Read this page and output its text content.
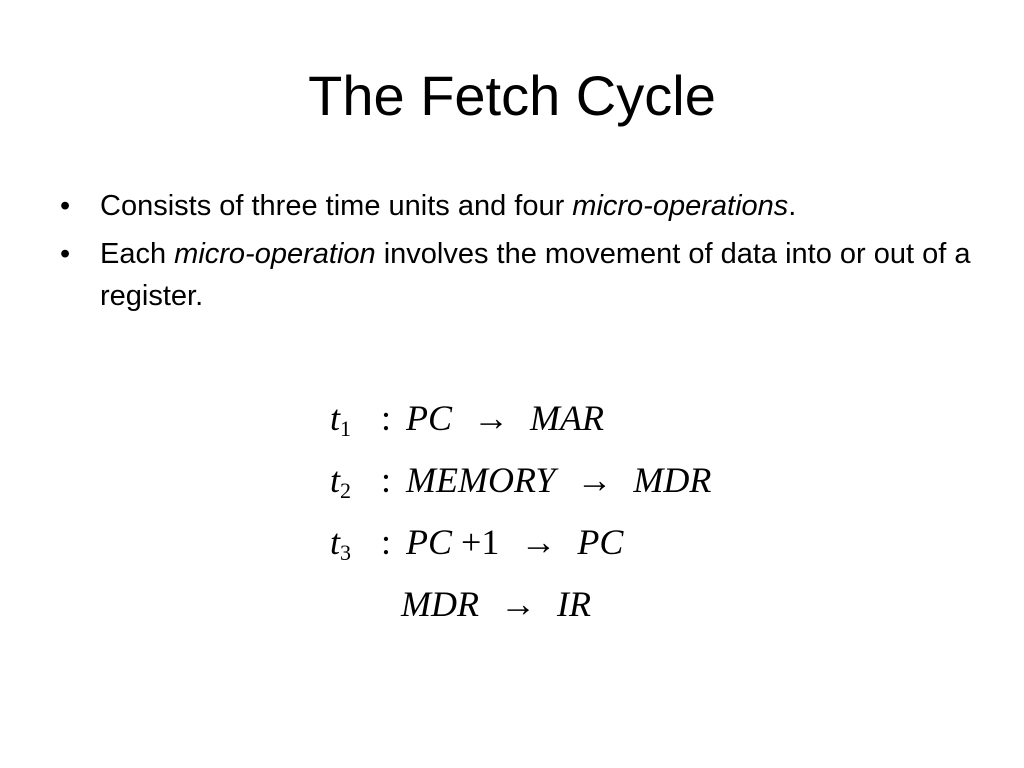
The Fetch Cycle
• Consists of three time units and four micro-operations.
• Each micro-operation involves the movement of data into or out of a register.
$t_1$ : PC → MAR
$t_2$ : MEMORY → MDR
$t_3$ : PC +1 → PC
MDR → IR
